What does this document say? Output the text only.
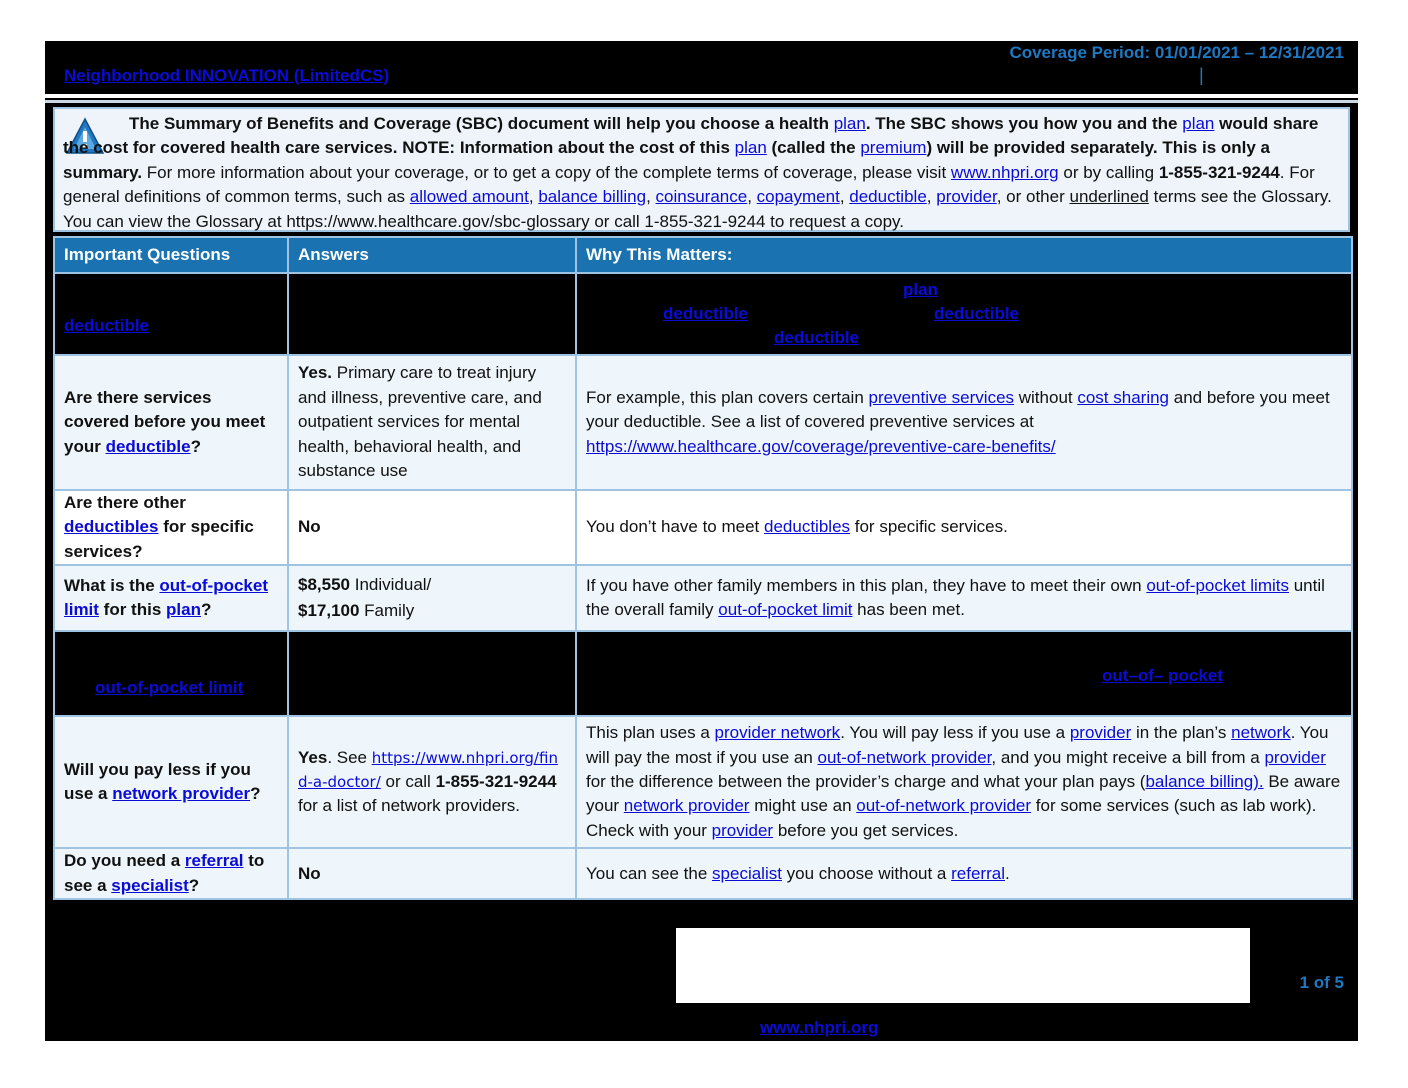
Neighborhood INNOVATION (LimitedCS)
Coverage Period: 01/01/2021 – 12/31/2021
|
The Summary of Benefits and Coverage (SBC) document will help you choose a health plan. The SBC shows you how you and the plan would share the cost for covered health care services. NOTE: Information about the cost of this plan (called the premium) will be provided separately. This is only a summary. For more information about your coverage, or to get a copy of the complete terms of coverage, please visit www.nhpri.org or by calling 1-855-321-9244. For general definitions of common terms, such as allowed amount, balance billing, coinsurance, copayment, deductible, provider, or other underlined terms see the Glossary. You can view the Glossary at https://www.healthcare.gov/sbc-glossary or call 1-855-321-9244 to request a copy.
Important Questions	Answers	Why This Matters:

deductible		plan
deductible deductible
deductible

Are there services covered before you meet your deductible?	Yes. Primary care to treat injury and illness, preventive care, and outpatient services for mental health, behavioral health, and substance use	For example, this plan covers certain preventive services without cost sharing and before you meet your deductible. See a list of covered preventive services at https://www.healthcare.gov/coverage/preventive-care-benefits/
Are there other deductibles for specific services?	No	You don’t have to meet deductibles for specific services.
What is the out-of-pocket limit for this plan?	$8,550 Individual/
$17,100 Family	If you have other family members in this plan, they have to meet their own out-of-pocket limits until the overall family out-of-pocket limit has been met.

out-of-pocket limit		out–of– pocket

Will you pay less if you use a network provider?	Yes. See https://www.nhpri.org/find-a-doctor/ or call 1-855-321-9244 for a list of network providers.	This plan uses a provider network. You will pay less if you use a provider in the plan’s network. You will pay the most if you use an out-of-network provider, and you might receive a bill from a provider for the difference between the provider’s charge and what your plan pays (balance billing). Be aware your network provider might use an out-of-network provider for some services (such as lab work). Check with your provider before you get services.
Do you need a referral to see a specialist?	No	You can see the specialist you choose without a referral.
1 of 5
www.nhpri.org
